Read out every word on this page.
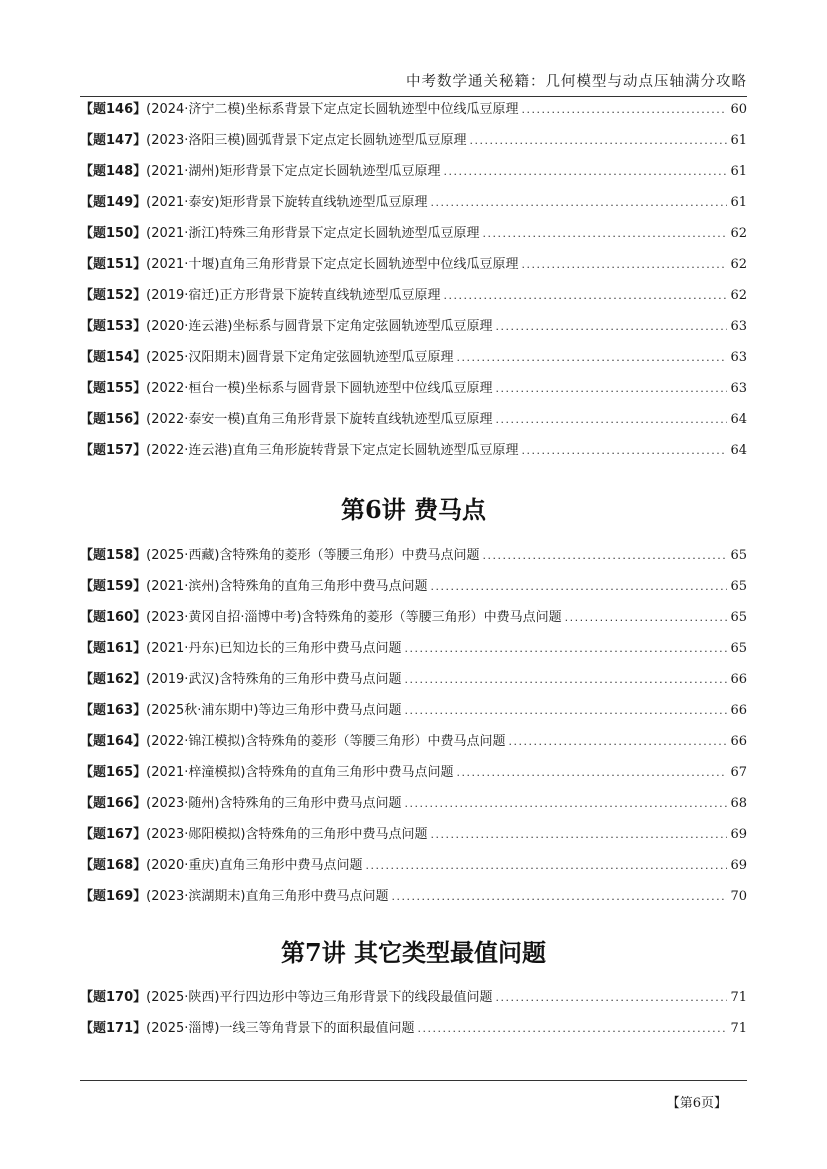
中考数学通关秘籍：几何模型与动点压轴满分攻略
【题146】 (2024·济宁二模)坐标系背景下定点定长圆轨迹型中位线瓜豆原理 . . .	60
【题147】 (2023·洛阳三模)圆弧背景下定点定长圆轨迹型瓜豆原理 . . .	61
【题148】 (2021·湖州)矩形背景下定点定长圆轨迹型瓜豆原理 . . .	61
【题149】 (2021·泰安)矩形背景下旋转直线轨迹型瓜豆原理 . . .	61
【题150】 (2021·浙江)特殊三角形背景下定点定长圆轨迹型瓜豆原理 . . .	62
【题151】 (2021·十堰)直角三角形背景下定点定长圆轨迹型中位线瓜豆原理 . . .	62
【题152】 (2019·宿迁)正方形背景下旋转直线轨迹型瓜豆原理 . . .	62
【题153】 (2020·连云港)坐标系与圆背景下定角定弦圆轨迹型瓜豆原理 . . .	63
【题154】 (2025·汉阳期末)圆背景下定角定弦圆轨迹型瓜豆原理 . . .	63
【题155】 (2022·桓台一模)坐标系与圆背景下圆轨迹型中位线瓜豆原理 . . .	63
【题156】 (2022·泰安一模)直角三角形背景下旋转直线轨迹型瓜豆原理 . . .	64
【题157】 (2022·连云港)直角三角形旋转背景下定点定长圆轨迹型瓜豆原理 . . .	64
第6讲 费马点
【题158】 (2025·西藏)含特殊角的菱形（等腰三角形）中费马点问题 . . .	65
【题159】 (2021·滨州)含特殊角的直角三角形中费马点问题 . . .	65
【题160】 (2023·黄冈自招·淄博中考)含特殊角的菱形（等腰三角形）中费马点问题 . . .	65
【题161】 (2021·丹东)已知边长的三角形中费马点问题 . . .	65
【题162】 (2019·武汉)含特殊角的三角形中费马点问题 . . .	66
【题163】 (2025秋·浦东期中)等边三角形中费马点问题 . . .	66
【题164】 (2022·锦江模拟)含特殊角的菱形（等腰三角形）中费马点问题 . . .	66
【题165】 (2021·梓潼模拟)含特殊角的直角三角形中费马点问题 . . .	67
【题166】 (2023·随州)含特殊角的三角形中费马点问题 . . .	68
【题167】 (2023·郧阳模拟)含特殊角的三角形中费马点问题 . . .	69
【题168】 (2020·重庆)直角三角形中费马点问题 . . .	69
【题169】 (2023·滨湖期末)直角三角形中费马点问题 . . .	70
第7讲 其它类型最值问题
【题170】 (2025·陕西)平行四边形中等边三角形背景下的线段最值问题 . . .	71
【题171】 (2025·淄博)一线三等角背景下的面积最值问题 . . .	71
【第6页】
